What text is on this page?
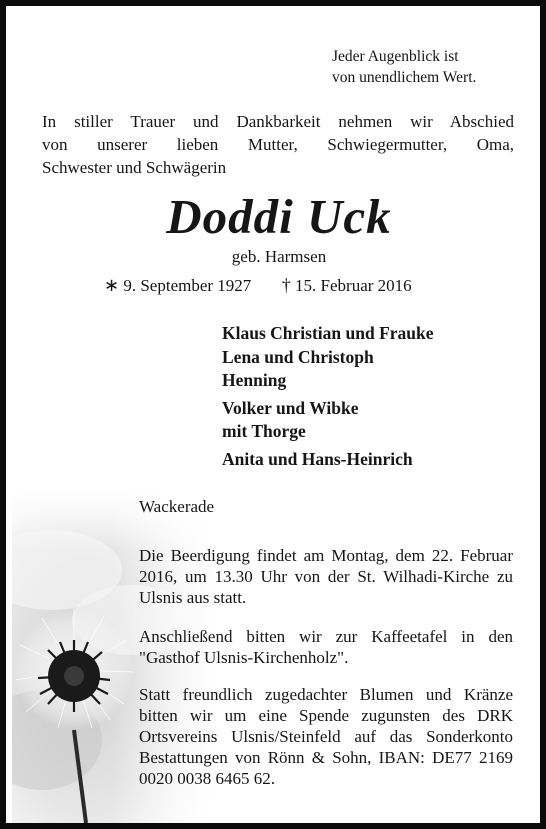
Jeder Augenblick ist
von unendlichem Wert.
In stiller Trauer und Dankbarkeit nehmen wir Abschied
von unserer lieben Mutter, Schwiegermutter, Oma,
Schwester und Schwägerin
Doddi Uck
geb. Harmsen
∗ 9. September 1927 † 15. Februar 2016
Klaus Christian und Frauke
Lena und Christoph
Henning
Volker und Wibke
mit Thorge
Anita und Hans-Heinrich
Wackerade
Die Beerdigung findet am Montag, dem 22. Februar 2016, um 13.30 Uhr von der St. Wilhadi-Kirche zu Ulsnis aus statt.
Anschließend bitten wir zur Kaffeetafel in den "Gasthof Ulsnis-Kirchenholz".
Statt freundlich zugedachter Blumen und Kränze bitten wir um eine Spende zugunsten des DRK Ortsvereins Ulsnis/Steinfeld auf das Sonderkonto Bestattungen von Rönn & Sohn, IBAN: DE77 2169 0020 0038 6465 62.
